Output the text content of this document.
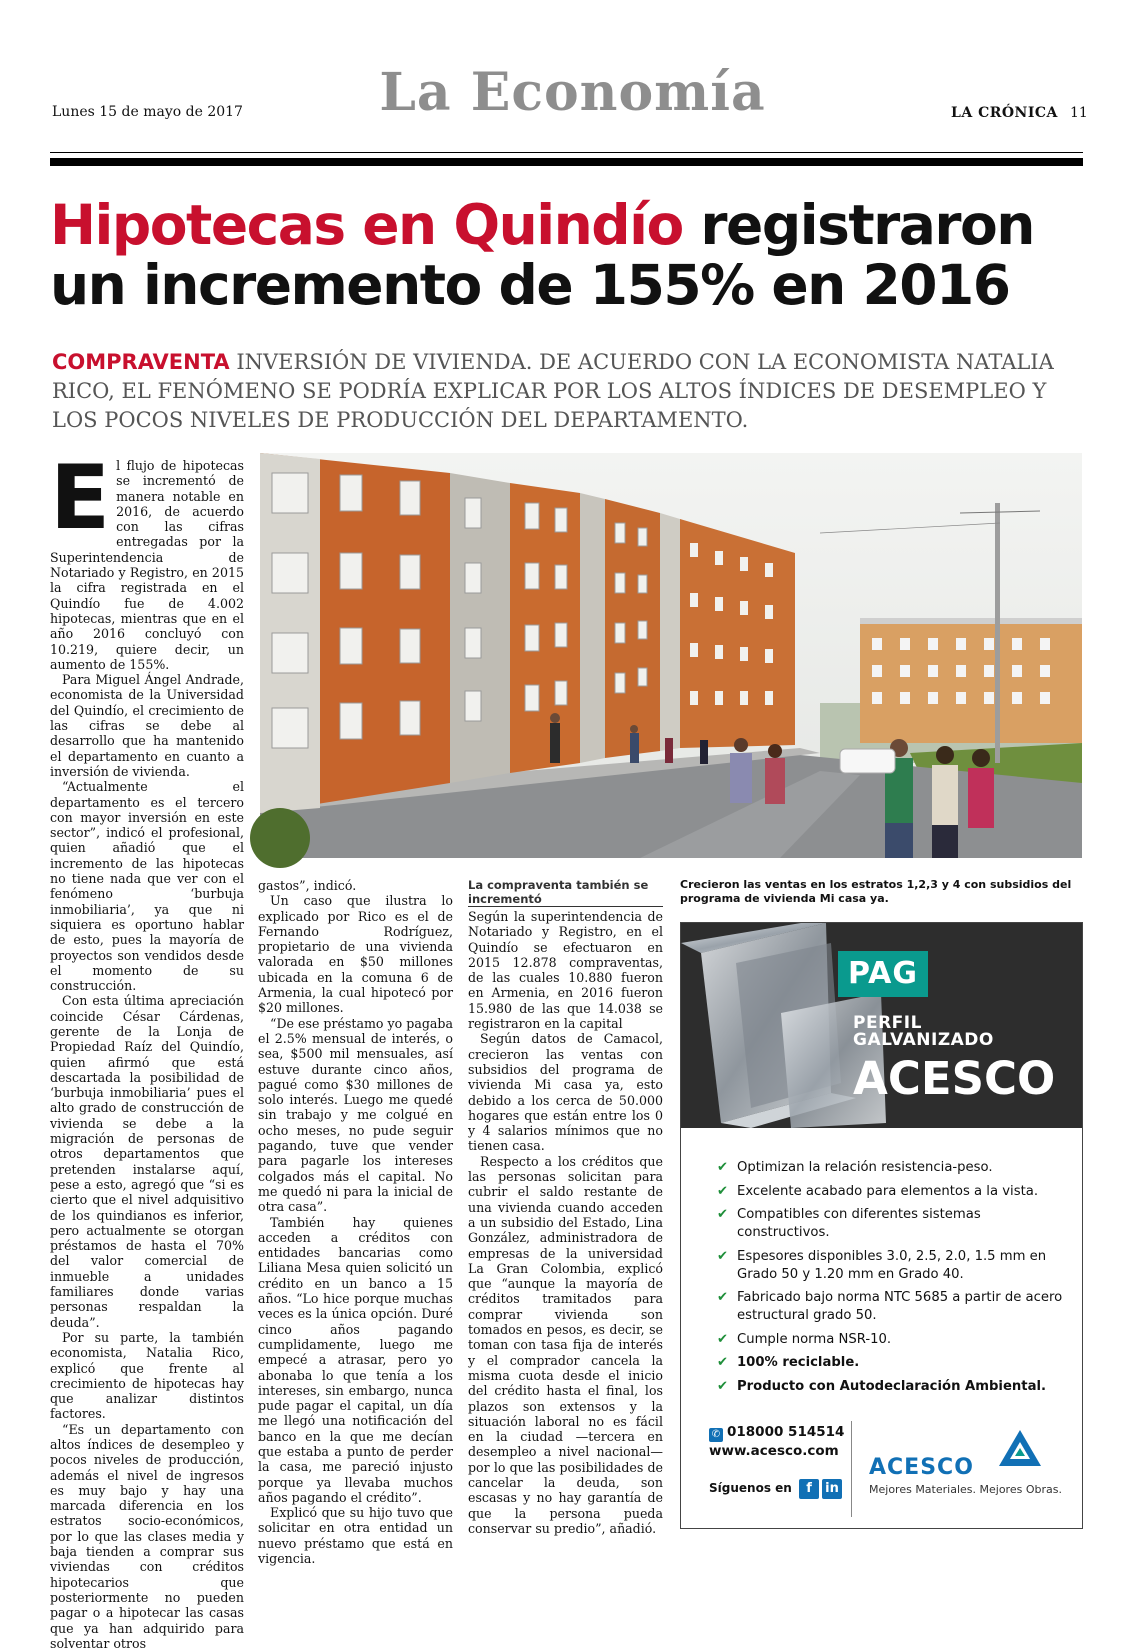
Lunes 15 de mayo de 2017	La Economía	LA CRÓNICA 11
Hipotecas en Quindío registraron
un incremento de 155% en 2016
COMPRAVENTA INVERSIÓN DE VIVIENDA. DE ACUERDO CON LA ECONOMISTA NATALIA RICO, EL FENÓMENO SE PODRÍA EXPLICAR POR LOS ALTOS ÍNDICES DE DESEMPLEO Y LOS POCOS NIVELES DE PRODUCCIÓN DEL DEPARTAMENTO.

El flujo de hipotecas se incrementó de manera notable en 2016, de acuerdo con las cifras entregadas por la Superintendencia de Notariado y Registro, en 2015 la cifra registrada en el Quindío fue de 4.002 hipotecas, mientras que en el año 2016 concluyó con 10.219, quiere decir, un aumento de 155%.

Para Miguel Ángel Andrade, economista de la Universidad del Quindío, el crecimiento de las cifras se debe al desarrollo que ha mantenido el departamento en cuanto a inversión de vivienda.

“Actualmente el departamento es el tercero con mayor inversión en este sector”, indicó el profesional, quien añadió que el incremento de las hipotecas no tiene nada que ver con el fenómeno ‘burbuja inmobiliaria’, ya que ni siquiera es oportuno hablar de esto, pues la mayoría de proyectos son vendidos desde el momento de su construcción.

Con esta última apreciación coincide César Cárdenas, gerente de la Lonja de Propiedad Raíz del Quindío, quien afirmó que está descartada la posibilidad de ‘burbuja inmobiliaria’ pues el alto grado de construcción de vivienda se debe a la migración de personas de otros departamentos que pretenden instalarse aquí, pese a esto, agregó que “si es cierto que el nivel adquisitivo de los quindianos es inferior, pero actualmente se otorgan préstamos de hasta el 70% del valor comercial de inmueble a unidades familiares donde varias personas respaldan la deuda”.

Por su parte, la también economista, Natalia Rico, explicó que frente al crecimiento de hipotecas hay que analizar distintos factores.

“Es un departamento con altos índices de desempleo y pocos niveles de producción, además el nivel de ingresos es muy bajo y hay una marcada diferencia en los estratos socio-económicos, por lo que las clases media y baja tienden a comprar sus viviendas con créditos hipotecarios que posteriormente no pueden pagar o a hipotecar las casas que ya han adquirido para solventar otros

gastos”, indicó.

Un caso que ilustra lo explicado por Rico es el de Fernando Rodríguez, propietario de una vivienda valorada en $50 millones ubicada en la comuna 6 de Armenia, la cual hipotecó por $20 millones.

“De ese préstamo yo pagaba el 2.5% mensual de interés, o sea, $500 mil mensuales, así estuve durante cinco años, pagué como $30 millones de solo interés. Luego me quedé sin trabajo y me colgué en ocho meses, no pude seguir pagando, tuve que vender para pagarle los intereses colgados más el capital. No me quedó ni para la inicial de otra casa”.

También hay quienes acceden a créditos con entidades bancarias como Liliana Mesa quien solicitó un crédito en un banco a 15 años. “Lo hice porque muchas veces es la única opción. Duré cinco años pagando cumplidamente, luego me empecé a atrasar, pero yo abonaba lo que tenía a los intereses, sin embargo, nunca pude pagar el capital, un día me llegó una notificación del banco en la que me decían que estaba a punto de perder la casa, me pareció injusto porque ya llevaba muchos años pagando el crédito”.

Explicó que su hijo tuvo que solicitar en otra entidad un nuevo préstamo que está en vigencia.

La compraventa también se incrementó

Según la superintendencia de Notariado y Registro, en el Quindío se efectuaron en 2015 12.878 compraventas, de las cuales 10.880 fueron en Armenia, en 2016 fueron 15.980 de las que 14.038 se registraron en la capital

Según datos de Camacol, crecieron las ventas con subsidios del programa de vivienda Mi casa ya, esto debido a los cerca de 50.000 hogares que están entre los 0 y 4 salarios mínimos que no tienen casa.

Respecto a los créditos que las personas solicitan para cubrir el saldo restante de una vivienda cuando acceden a un subsidio del Estado, Lina González, administradora de empresas de la universidad La Gran Colombia, explicó que “aunque la mayoría de créditos tramitados para comprar vivienda son tomados en pesos, es decir, se toman con tasa fija de interés y el comprador cancela la misma cuota desde el inicio del crédito hasta el final, los plazos son extensos y la situación laboral no es fácil en la ciudad —tercera en desempleo a nivel nacional— por lo que las posibilidades de cancelar la deuda, son escasas y no hay garantía de que la persona pueda conservar su predio”, añadió.

Crecieron las ventas en los estratos 1,2,3 y 4 con subsidios del programa de vivienda Mi casa ya.
PAG
PERFIL
GALVANIZADO
ACESCO
✔ Optimizan la relación resistencia-peso.
✔ Excelente acabado para elementos a la vista.
✔ Compatibles con diferentes sistemas constructivos.
✔ Espesores disponibles 3.0, 2.5, 2.0, 1.5 mm en Grado 50 y 1.20 mm en Grado 40.
✔ Fabricado bajo norma NTC 5685 a partir de acero estructural grado 50.
✔ Cumple norma NSR-10.
✔ 100% reciclable.
✔ Producto con Autodeclaración Ambiental.
✆ 018000 514514
www.acesco.com
Síguenos en f in
ACESCO
Mejores Materiales. Mejores Obras.
